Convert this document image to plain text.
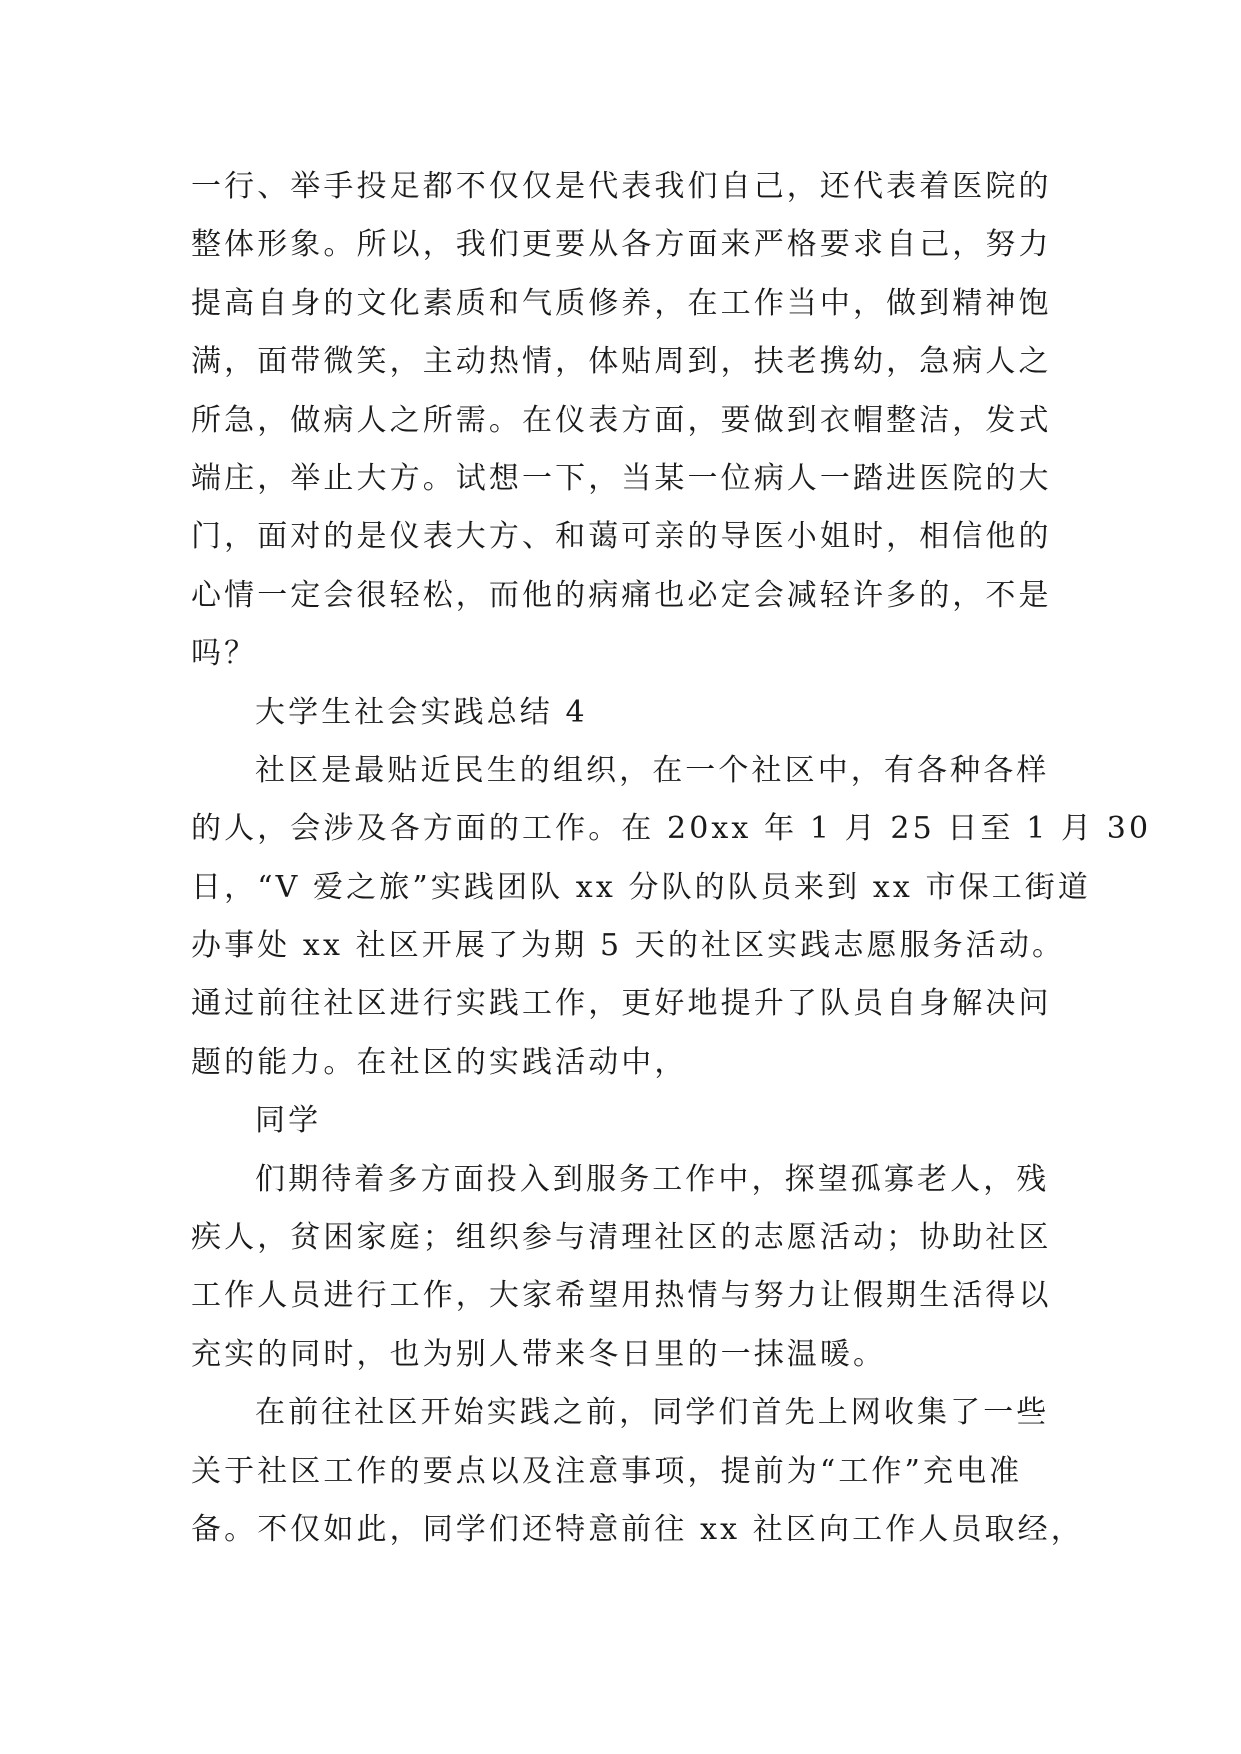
一行、举手投足都不仅仅是代表我们自己，还代表着医院的
整体形象。所以，我们更要从各方面来严格要求自己，努力
提高自身的文化素质和气质修养，在工作当中，做到精神饱
满，面带微笑，主动热情，体贴周到，扶老携幼，急病人之
所急，做病人之所需。在仪表方面，要做到衣帽整洁，发式
端庄，举止大方。试想一下，当某一位病人一踏进医院的大
门，面对的是仪表大方、和蔼可亲的导医小姐时，相信他的
心情一定会很轻松，而他的病痛也必定会减轻许多的，不是
吗？
大学生社会实践总结 4
社区是最贴近民生的组织，在一个社区中，有各种各样
的人，会涉及各方面的工作。在 20xx 年 1 月 25 日至 1 月 30
日，“V 爱之旅”实践团队 xx 分队的队员来到 xx 市保工街道
办事处 xx 社区开展了为期 5 天的社区实践志愿服务活动。
通过前往社区进行实践工作，更好地提升了队员自身解决问
题的能力。在社区的实践活动中，
同学
们期待着多方面投入到服务工作中，探望孤寡老人，残
疾人，贫困家庭；组织参与清理社区的志愿活动；协助社区
工作人员进行工作，大家希望用热情与努力让假期生活得以
充实的同时，也为别人带来冬日里的一抹温暖。
在前往社区开始实践之前，同学们首先上网收集了一些
关于社区工作的要点以及注意事项，提前为“工作”充电准
备。不仅如此，同学们还特意前往 xx 社区向工作人员取经，
